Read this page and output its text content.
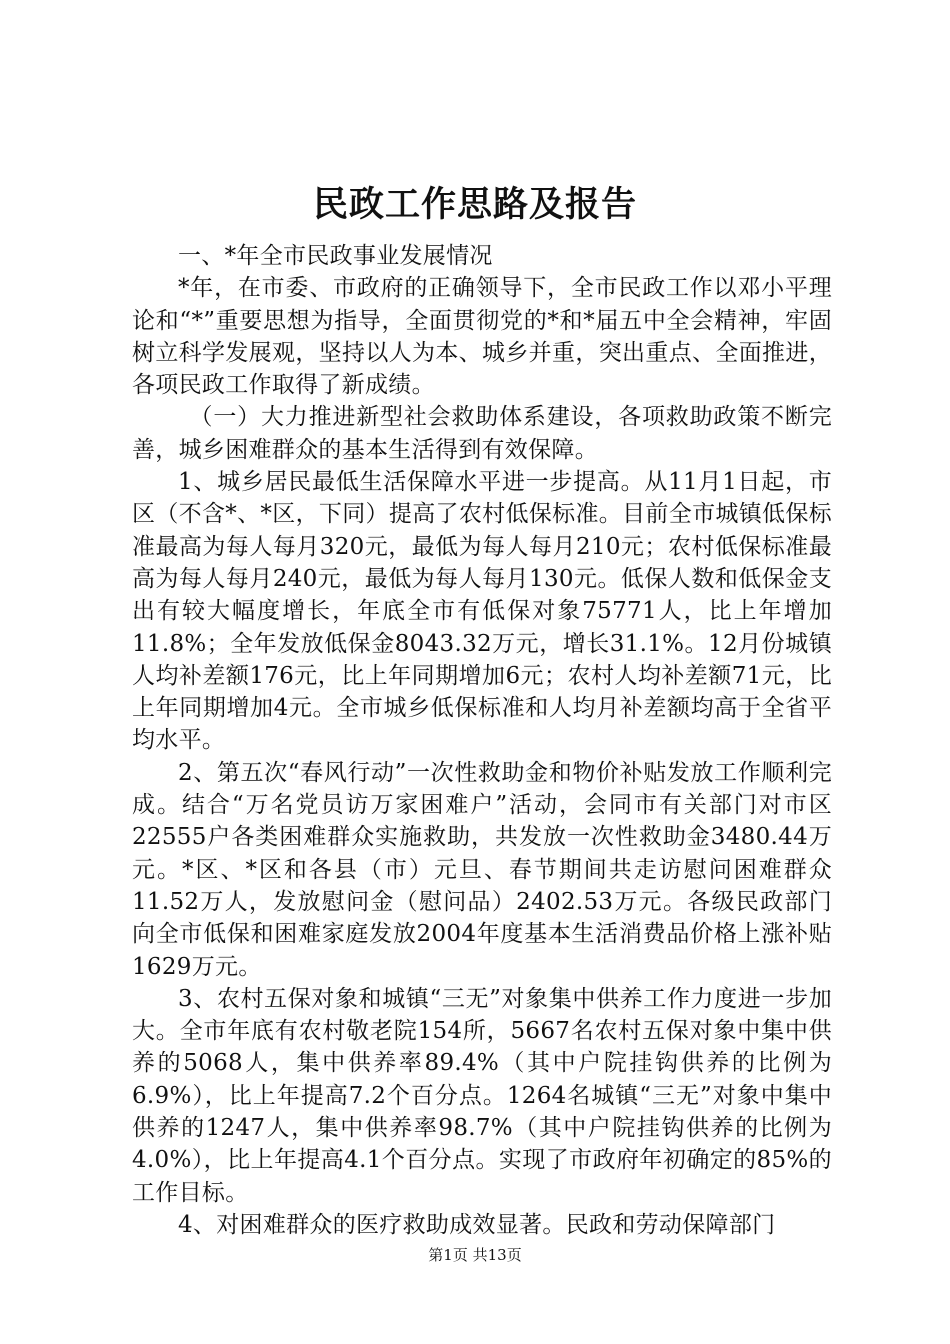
民政工作思路及报告

一、*年全市民政事业发展情况

*年，在市委、市政府的正确领导下，全市民政工作以邓小平理论和“*”重要思想为指导，全面贯彻党的*和*届五中全会精神，牢固树立科学发展观，坚持以人为本、城乡并重，突出重点、全面推进，各项民政工作取得了新成绩。

（一）大力推进新型社会救助体系建设，各项救助政策不断完善，城乡困难群众的基本生活得到有效保障。

1、城乡居民最低生活保障水平进一步提高。从11月1日起，市区（不含*、*区，下同）提高了农村低保标准。目前全市城镇低保标准最高为每人每月320元，最低为每人每月210元；农村低保标准最高为每人每月240元，最低为每人每月130元。低保人数和低保金支出有较大幅度增长，年底全市有低保对象75771人，比上年增加11.8%；全年发放低保金8043.32万元，增长31.1%。12月份城镇人均补差额176元，比上年同期增加6元；农村人均补差额71元，比上年同期增加4元。全市城乡低保标准和人均月补差额均高于全省平均水平。

2、第五次“春风行动”一次性救助金和物价补贴发放工作顺利完成。结合“万名党员访万家困难户”活动，会同市有关部门对市区22555户各类困难群众实施救助，共发放一次性救助金3480.44万元。*区、*区和各县（市）元旦、春节期间共走访慰问困难群众11.52万人，发放慰问金（慰问品）2402.53万元。各级民政部门向全市低保和困难家庭发放2004年度基本生活消费品价格上涨补贴1629万元。

3、农村五保对象和城镇“三无”对象集中供养工作力度进一步加大。全市年底有农村敬老院154所，5667名农村五保对象中集中供养的5068人，集中供养率89.4%（其中户院挂钩供养的比例为6.9%），比上年提高7.2个百分点。1264名城镇“三无”对象中集中供养的1247人，集中供养率98.7%（其中户院挂钩供养的比例为4.0%），比上年提高4.1个百分点。实现了市政府年初确定的85%的工作目标。

4、对困难群众的医疗救助成效显著。民政和劳动保障部门

第1页 共13页
